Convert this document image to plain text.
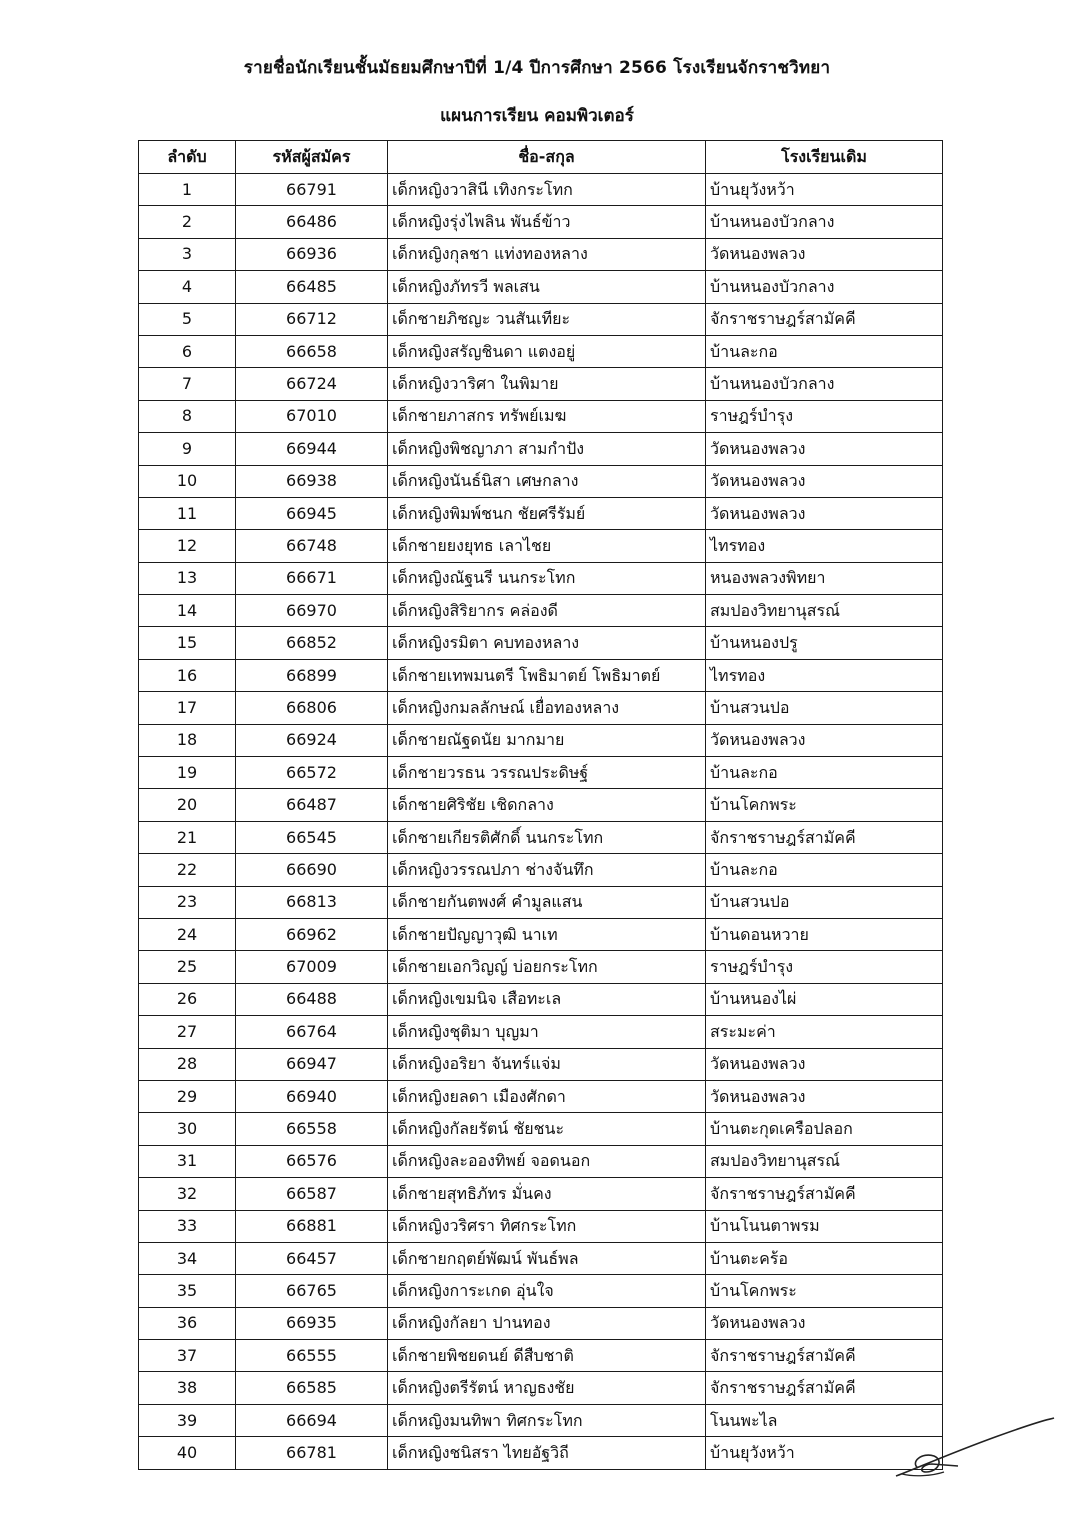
รายชื่อนักเรียนชั้นมัธยมศึกษาปีที่ 1/4 ปีการศึกษา 2566 โรงเรียนจักราชวิทยา
แผนการเรียน คอมพิวเตอร์
ลำดับ	รหัสผู้สมัคร	ชื่อ-สกุล	โรงเรียนเดิม
1	66791	เด็กหญิงวาสินี เทิงกระโทก	บ้านยุวังหว้า
2	66486	เด็กหญิงรุ่งไพลิน พันธ์ข้าว	บ้านหนองบัวกลาง
3	66936	เด็กหญิงกุลชา แท่งทองหลาง	วัดหนองพลวง
4	66485	เด็กหญิงภัทรวี พลเสน	บ้านหนองบัวกลาง
5	66712	เด็กชายภิชญะ วนสันเทียะ	จักราชราษฎร์สามัคคี
6	66658	เด็กหญิงสรัญชินดา แตงอยู่	บ้านละกอ
7	66724	เด็กหญิงวาริศา ในพิมาย	บ้านหนองบัวกลาง
8	67010	เด็กชายภาสกร ทรัพย์เมฆ	ราษฎร์บำรุง
9	66944	เด็กหญิงพิชญาภา สามกำปัง	วัดหนองพลวง
10	66938	เด็กหญิงนันธ์นิสา เศษกลาง	วัดหนองพลวง
11	66945	เด็กหญิงพิมพ์ชนก ชัยศรีรัมย์	วัดหนองพลวง
12	66748	เด็กชายยงยุทธ เลาไชย	ไทรทอง
13	66671	เด็กหญิงณัฐนรี นนกระโทก	หนองพลวงพิทยา
14	66970	เด็กหญิงสิริยากร คล่องดี	สมปองวิทยานุสรณ์
15	66852	เด็กหญิงรมิตา คบทองหลาง	บ้านหนองปรู
16	66899	เด็กชายเทพมนตรี โพธิมาตย์ โพธิมาตย์	ไทรทอง
17	66806	เด็กหญิงกมลลักษณ์ เยื่อทองหลาง	บ้านสวนปอ
18	66924	เด็กชายณัฐดนัย มากมาย	วัดหนองพลวง
19	66572	เด็กชายวรธน วรรณประดิษฐ์	บ้านละกอ
20	66487	เด็กชายศิริชัย เชิดกลาง	บ้านโคกพระ
21	66545	เด็กชายเกียรติศักดิ์ นนกระโทก	จักราชราษฎร์สามัคคี
22	66690	เด็กหญิงวรรณปภา ช่างจันทึก	บ้านละกอ
23	66813	เด็กชายกันตพงศ์ คำมูลแสน	บ้านสวนปอ
24	66962	เด็กชายปัญญาวุฒิ นาเท	บ้านดอนหวาย
25	67009	เด็กชายเอกวิญญ์ บ่อยกระโทก	ราษฎร์บำรุง
26	66488	เด็กหญิงเขมนิจ เสือทะเล	บ้านหนองไผ่
27	66764	เด็กหญิงชุติมา บุญมา	สระมะค่า
28	66947	เด็กหญิงอริยา จันทร์แจ่ม	วัดหนองพลวง
29	66940	เด็กหญิงยลดา เมืองศักดา	วัดหนองพลวง
30	66558	เด็กหญิงกัลยรัตน์ ชัยชนะ	บ้านตะกุดเครือปลอก
31	66576	เด็กหญิงละอองทิพย์ จอดนอก	สมปองวิทยานุสรณ์
32	66587	เด็กชายสุทธิภัทร มั่นคง	จักราชราษฎร์สามัคคี
33	66881	เด็กหญิงวริศรา ทิศกระโทก	บ้านโนนตาพรม
34	66457	เด็กชายกฤตย์พัฒน์ พันธ์พล	บ้านตะคร้อ
35	66765	เด็กหญิงการะเกด อุ่นใจ	บ้านโคกพระ
36	66935	เด็กหญิงกัลยา ปานทอง	วัดหนองพลวง
37	66555	เด็กชายพิชยดนย์ ดีสืบชาติ	จักราชราษฎร์สามัคคี
38	66585	เด็กหญิงตรีรัตน์ หาญธงชัย	จักราชราษฎร์สามัคคี
39	66694	เด็กหญิงมนทิพา ทิศกระโทก	โนนพะไล
40	66781	เด็กหญิงชนิสรา ไทยอัฐวิถี	บ้านยุวังหว้า
